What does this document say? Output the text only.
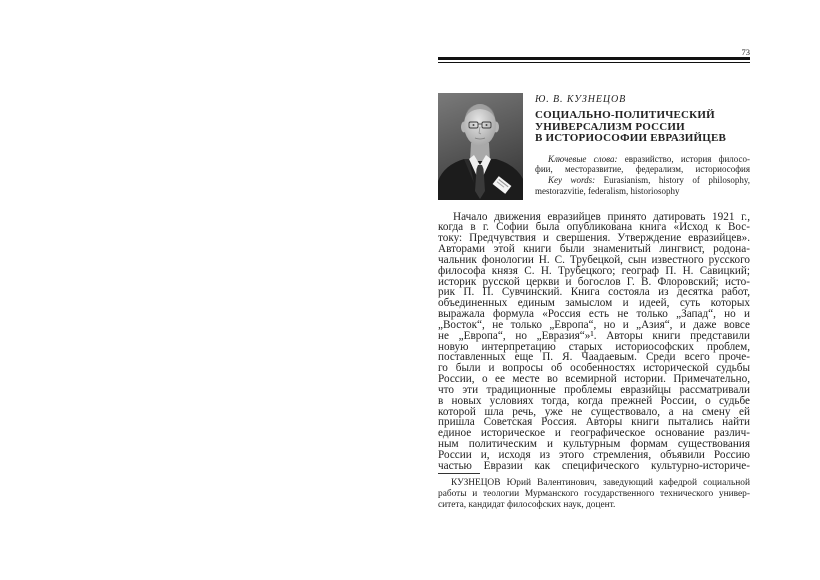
73
Ю. В. КУЗНЕЦОВ
СОЦИАЛЬНО-ПОЛИТИЧЕСКИЙ
УНИВЕРСАЛИЗМ РОССИИ
В ИСТОРИОСОФИИ ЕВРАЗИЙЦЕВ
Ключевые слова: евразийство, история филосо-
фии, месторазвитие, федерализм, историософия
Key words: Eurasianism, history of philosophy,
mestorazvitie, federalism, historiosophy
Начало движения евразийцев принято датировать 1921 г.,
когда в г. Софии была опубликована книга «Исход к Вос-
току: Предчувствия и свершения. Утверждение евразийцев».
Авторами этой книги были знаменитый лингвист, родона-
чальник фонологии Н. С. Трубецкой, сын известного русского
философа князя С. Н. Трубецкого; географ П. Н. Савицкий;
историк русской церкви и богослов Г. В. Флоровский; исто-
рик П. П. Сувчинский. Книга состояла из десятка работ,
объединенных единым замыслом и идеей, суть которых
выражала формула «Россия есть не только „Запад“, но и
„Восток“, не только „Европа“, но и „Азия“, и даже вовсе
не „Европа“, но „Евразия“»¹. Авторы книги представили
новую интерпретацию старых историософских проблем,
поставленных еще П. Я. Чаадаевым. Среди всего проче-
го были и вопросы об особенностях исторической судьбы
России, о ее месте во всемирной истории. Примечательно,
что эти традиционные проблемы евразийцы рассматривали
в новых условиях тогда, когда прежней России, о судьбе
которой шла речь, уже не существовало, а на смену ей
пришла Советская Россия. Авторы книги пытались найти
единое историческое и географическое основание различ-
ным политическим и культурным формам существования
России и, исходя из этого стремления, объявили Россию
частью Евразии как специфического культурно-историче-
КУЗНЕЦОВ Юрий Валентинович, заведующий кафедрой социальной
работы и теологии Мурманского государственного технического универ-
ситета, кандидат философских наук, доцент.
